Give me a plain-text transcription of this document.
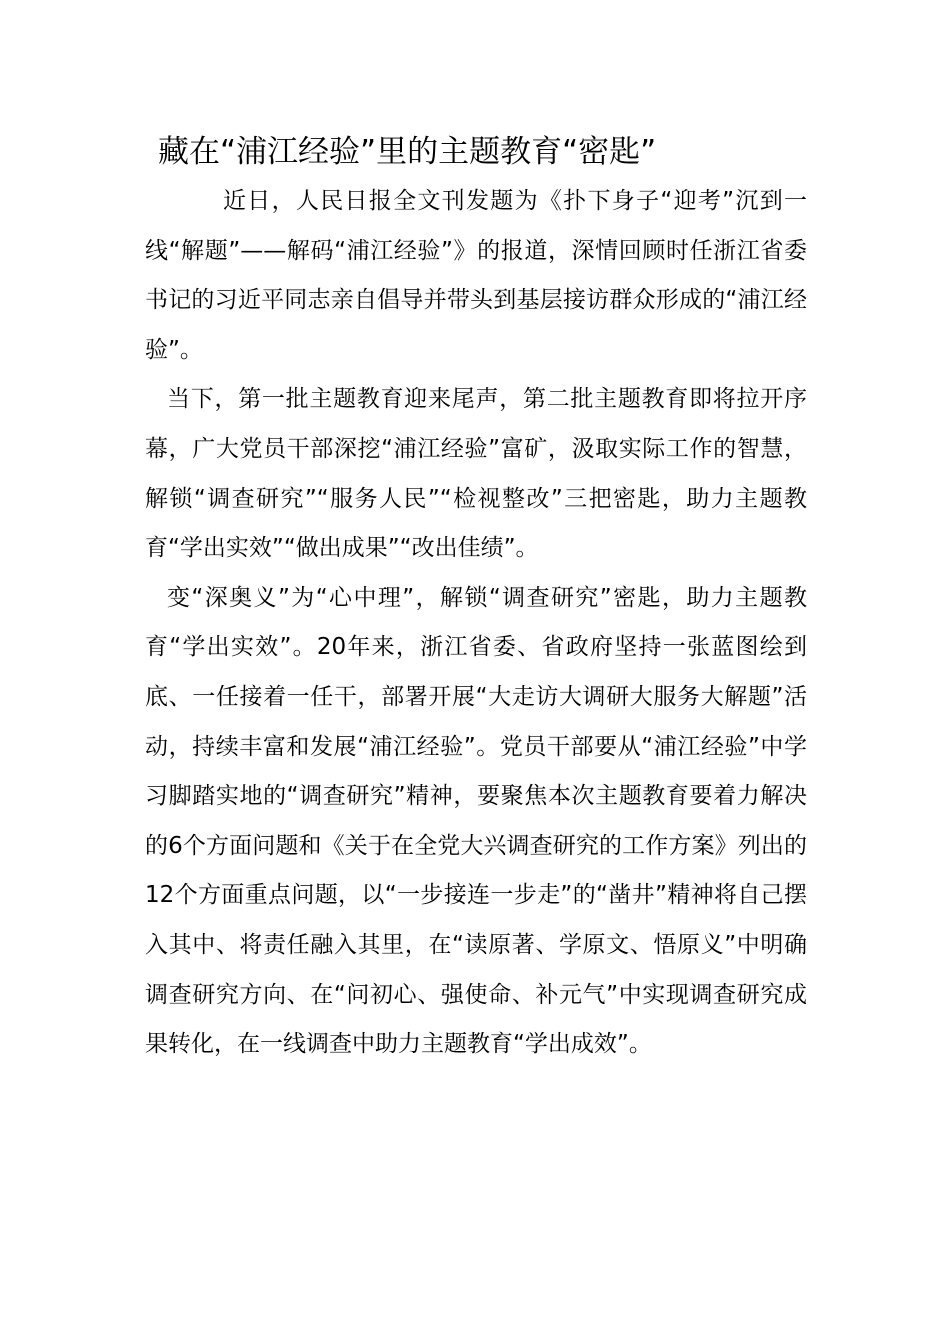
藏在“浦江经验”里的主题教育“密匙”

近日，人民日报全文刊发题为《扑下身子“迎考”沉到一线“解题”——解码“浦江经验”》的报道，深情回顾时任浙江省委书记的习近平同志亲自倡导并带头到基层接访群众形成的“浦江经验”。

当下，第一批主题教育迎来尾声，第二批主题教育即将拉开序幕，广大党员干部深挖“浦江经验”富矿，汲取实际工作的智慧，解锁“调查研究”“服务人民”“检视整改”三把密匙，助力主题教育“学出实效”“做出成果”“改出佳绩”。

变“深奥义”为“心中理”，解锁“调查研究”密匙，助力主题教育“学出实效”。20年来，浙江省委、省政府坚持一张蓝图绘到底、一任接着一任干，部署开展“大走访大调研大服务大解题”活动，持续丰富和发展“浦江经验”。党员干部要从“浦江经验”中学习脚踏实地的“调查研究”精神，要聚焦本次主题教育要着力解决的6个方面问题和《关于在全党大兴调查研究的工作方案》列出的12个方面重点问题，以“一步接连一步走”的“凿井”精神将自己摆入其中、将责任融入其里，在“读原著、学原文、悟原义”中明确调查研究方向、在“问初心、强使命、补元气”中实现调查研究成果转化，在一线调查中助力主题教育“学出成效”。
